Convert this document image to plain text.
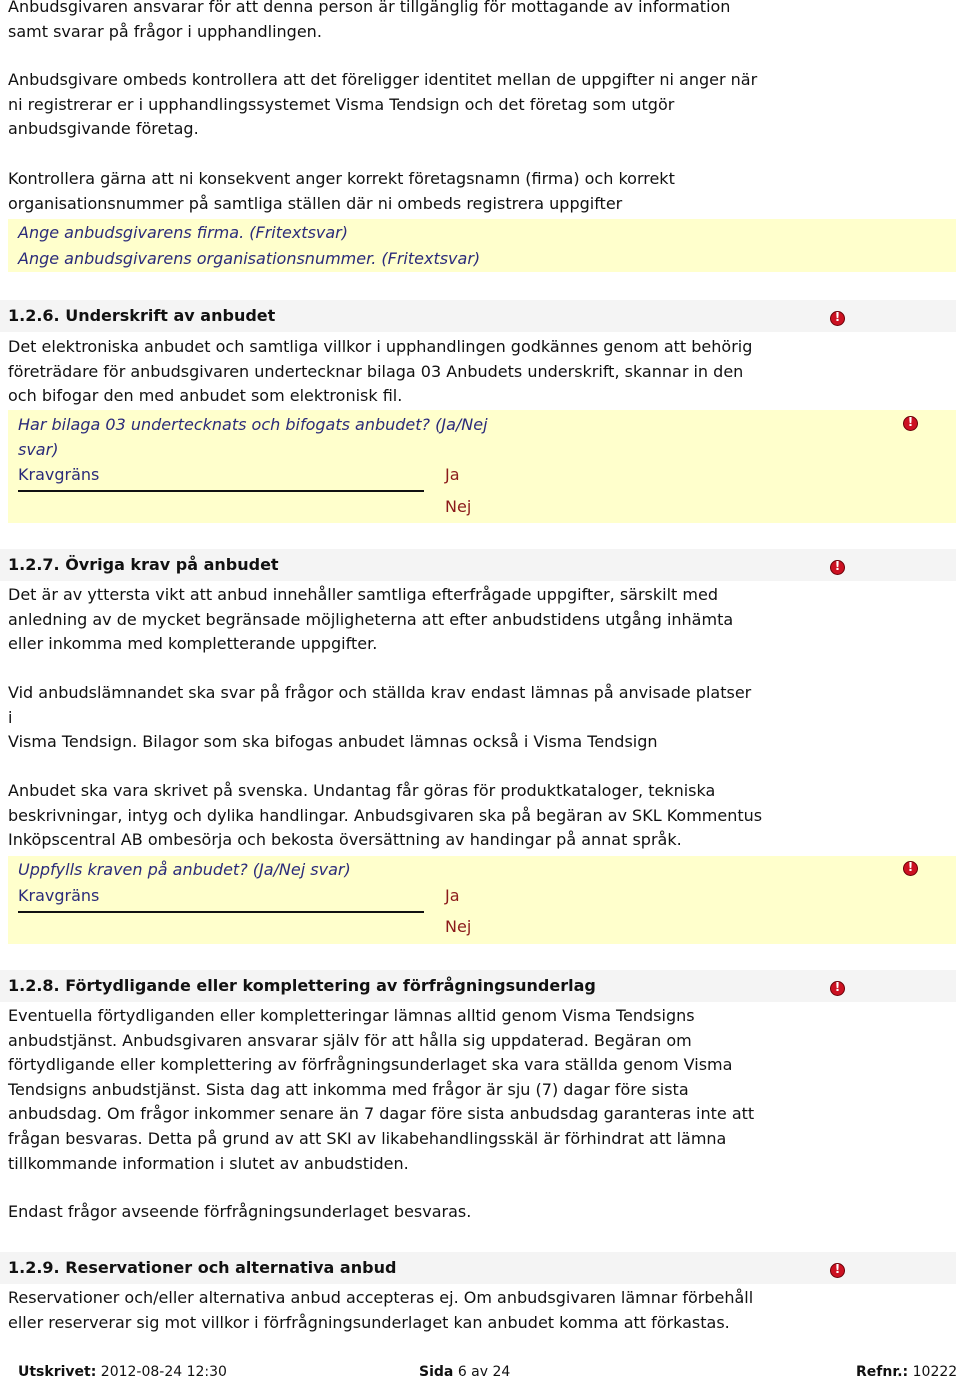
Anbudsgivaren ansvarar för att denna person är tillgänglig för mottagande av information
samt svarar på frågor i upphandlingen.
Anbudsgivare ombeds kontrollera att det föreligger identitet mellan de uppgifter ni anger när
ni registrerar er i upphandlingssystemet Visma Tendsign och det företag som utgör
anbudsgivande företag.
Kontrollera gärna att ni konsekvent anger korrekt företagsnamn (firma) och korrekt
organisationsnummer på samtliga ställen där ni ombeds registrera uppgifter
Ange anbudsgivarens firma. (Fritextsvar)
Ange anbudsgivarens organisationsnummer. (Fritextsvar)
1.2.6. Underskrift av anbudet
!
Det elektroniska anbudet och samtliga villkor i upphandlingen godkännes genom att behörig
företrädare för anbudsgivaren undertecknar bilaga 03 Anbudets underskrift, skannar in den
och bifogar den med anbudet som elektronisk fil.
Har bilaga 03 undertecknats och bifogats anbudet? (Ja/Nej
svar)
Kravgräns	Ja
Nej
!
1.2.7. Övriga krav på anbudet
!
Det är av yttersta vikt att anbud innehåller samtliga efterfrågade uppgifter, särskilt med
anledning av de mycket begränsade möjligheterna att efter anbudstidens utgång inhämta
eller inkomma med kompletterande uppgifter.
Vid anbudslämnandet ska svar på frågor och ställda krav endast lämnas på anvisade platser
i
Visma Tendsign. Bilagor som ska bifogas anbudet lämnas också i Visma Tendsign
Anbudet ska vara skrivet på svenska. Undantag får göras för produktkataloger, tekniska
beskrivningar, intyg och dylika handlingar. Anbudsgivaren ska på begäran av SKL Kommentus
Inköpscentral AB ombesörja och bekosta översättning av handingar på annat språk.
Uppfylls kraven på anbudet? (Ja/Nej svar)
Kravgräns	Ja
Nej
!
1.2.8. Förtydligande eller komplettering av förfrågningsunderlag
!
Eventuella förtydliganden eller kompletteringar lämnas alltid genom Visma Tendsigns
anbudstjänst. Anbudsgivaren ansvarar själv för att hålla sig uppdaterad. Begäran om
förtydligande eller komplettering av förfrågningsunderlaget ska vara ställda genom Visma
Tendsigns anbudstjänst. Sista dag att inkomma med frågor är sju (7) dagar före sista
anbudsdag. Om frågor inkommer senare än 7 dagar före sista anbudsdag garanteras inte att
frågan besvaras. Detta på grund av att SKI av likabehandlingsskäl är förhindrat att lämna
tillkommande information i slutet av anbudstiden.
Endast frågor avseende förfrågningsunderlaget besvaras.
1.2.9. Reservationer och alternativa anbud
!
Reservationer och/eller alternativa anbud accepteras ej. Om anbudsgivaren lämnar förbehåll
eller reserverar sig mot villkor i förfrågningsunderlaget kan anbudet komma att förkastas.
Utskrivet: 2012-08-24 12:30	Sida 6 av 24	Refnr.: 10222
